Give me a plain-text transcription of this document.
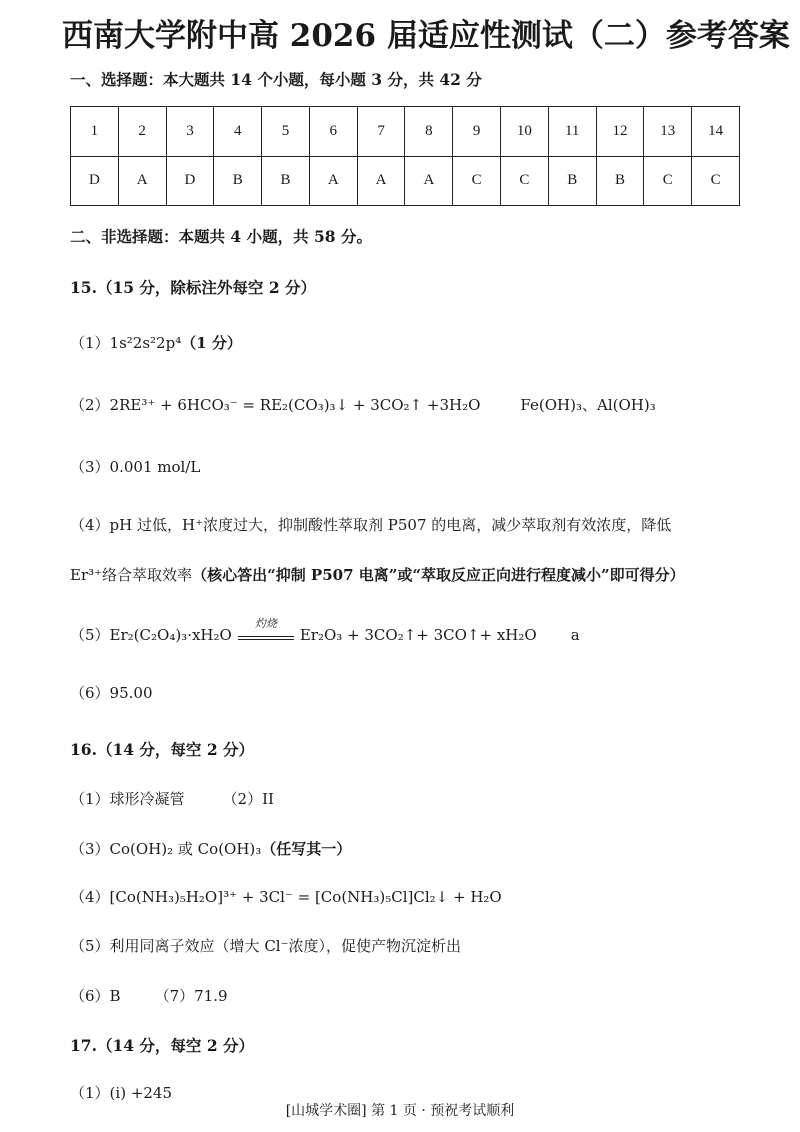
西南大学附中高 2026 届适应性测试（二）参考答案
一、选择题：本大题共 14 个小题，每小题 3 分，共 42 分
1	2	3	4	5	6	7	8	9	10	11	12	13	14
D	A	D	B	B	A	A	A	C	C	B	B	C	C
二、非选择题：本题共 4 小题，共 58 分。
15.（15 分，除标注外每空 2 分）
（1）1s²2s²2p⁴（1 分）
（2）2RE³⁺ + 6HCO₃⁻ = RE₂(CO₃)₃↓ + 3CO₂↑ +3H₂O	Fe(OH)₃、Al(OH)₃
（3）0.001 mol/L
（4）pH 过低，H⁺浓度过大，抑制酸性萃取剂 P507 的电离，减少萃取剂有效浓度，降低
Er³⁺络合萃取效率（核心答出“抑制 P507 电离”或“萃取反应正向进行程度减小”即可得分）
（5）Er₂(C₂O₄)₃·xH₂O
灼烧
Er₂O₃ + 3CO₂↑+ 3CO↑+ xH₂O a
（6）95.00
16.（14 分，每空 2 分）
（1）球形冷凝管	（2）II
（3）Co(OH)₂ 或 Co(OH)₃（任写其一）
（4）[Co(NH₃)₅H₂O]³⁺ + 3Cl⁻ = [Co(NH₃)₅Cl]Cl₂↓ + H₂O
（5）利用同离子效应（增大 Cl⁻浓度），促使产物沉淀析出
（6）B （7）71.9
17.（14 分，每空 2 分）
（1）(i) +245
[山城学术圈] 第 1 页 · 预祝考试顺利
